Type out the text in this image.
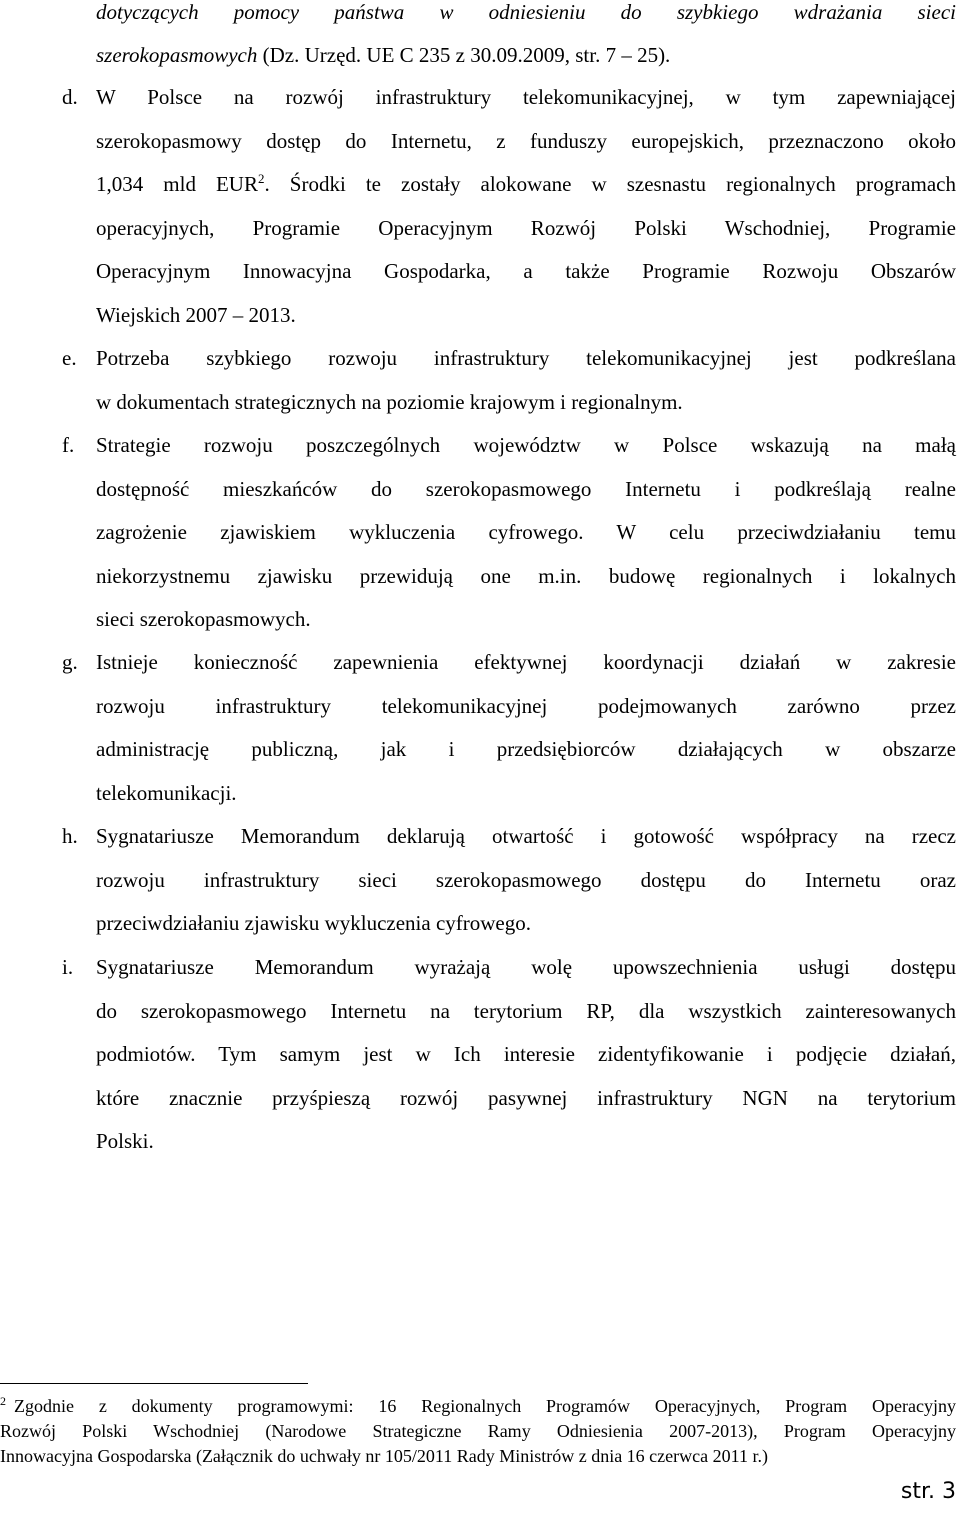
dotyczących pomocy państwa w odniesieniu do szybkiego wdrażania sieci
szerokopasmowych (Dz. Urzęd. UE C 235 z 30.09.2009, str. 7 – 25).
d. W Polsce na rozwój infrastruktury telekomunikacyjnej, w tym zapewniającej
szerokopasmowy dostęp do Internetu, z funduszy europejskich, przeznaczono około
1,034 mld EUR$^2$. Środki te zostały alokowane w szesnastu regionalnych programach
operacyjnych, Programie Operacyjnym Rozwój Polski Wschodniej, Programie
Operacyjnym Innowacyjna Gospodarka, a także Programie Rozwoju Obszarów
Wiejskich 2007 – 2013.
e. Potrzeba szybkiego rozwoju infrastruktury telekomunikacyjnej jest podkreślana
w dokumentach strategicznych na poziomie krajowym i regionalnym.
f.	Strategie rozwoju poszczególnych województw w Polsce wskazują na małą
dostępność mieszkańców do szerokopasmowego Internetu i podkreślają realne
zagrożenie zjawiskiem wykluczenia cyfrowego. W celu przeciwdziałaniu temu
niekorzystnemu zjawisku przewidują one m.in. budowę regionalnych i lokalnych
sieci szerokopasmowych.
g. Istnieje konieczność zapewnienia efektywnej koordynacji działań w zakresie
rozwoju infrastruktury telekomunikacyjnej podejmowanych zarówno przez
administrację publiczną, jak i przedsiębiorców działających w obszarze
telekomunikacji.
h. Sygnatariusze Memorandum deklarują otwartość i gotowość współpracy na rzecz
rozwoju infrastruktury sieci szerokopasmowego dostępu do Internetu oraz
przeciwdziałaniu zjawisku wykluczenia cyfrowego.
i.	Sygnatariusze Memorandum wyrażają wolę upowszechnienia usługi dostępu
do szerokopasmowego Internetu na terytorium RP, dla wszystkich zainteresowanych
podmiotów. Tym samym jest w Ich interesie zidentyfikowanie i podjęcie działań,
które znacznie przyśpieszą rozwój pasywnej infrastruktury NGN na terytorium
Polski.
$^2$ Zgodnie z dokumenty programowymi: 16 Regionalnych Programów Operacyjnych, Program Operacyjny
Rozwój Polski Wschodniej (Narodowe Strategiczne Ramy Odniesienia 2007-2013), Program Operacyjny
Innowacyjna Gospodarska (Załącznik do uchwały nr 105/2011 Rady Ministrów z dnia 16 czerwca 2011 r.)
str. 3
